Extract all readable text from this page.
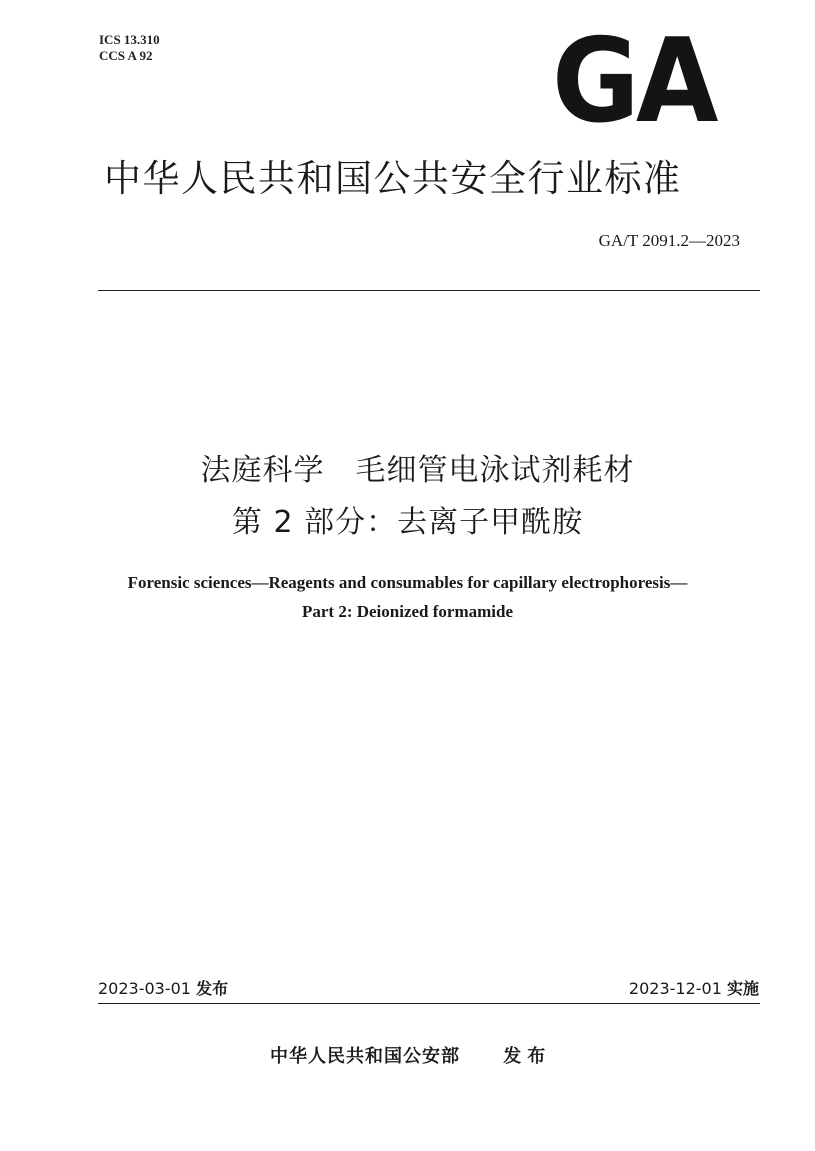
ICS 13.310
CCS A 92	GA
中华人民共和国公共安全行业标准
GA/T 2091.2—2023
法庭科学　毛细管电泳试剂耗材
第 2 部分：去离子甲酰胺
Forensic sciences—Reagents and consumables for capillary electrophoresis—
Part 2: Deionized formamide
2023-03-01 发布	2023-12-01 实施
中华人民共和国公安部 发布
